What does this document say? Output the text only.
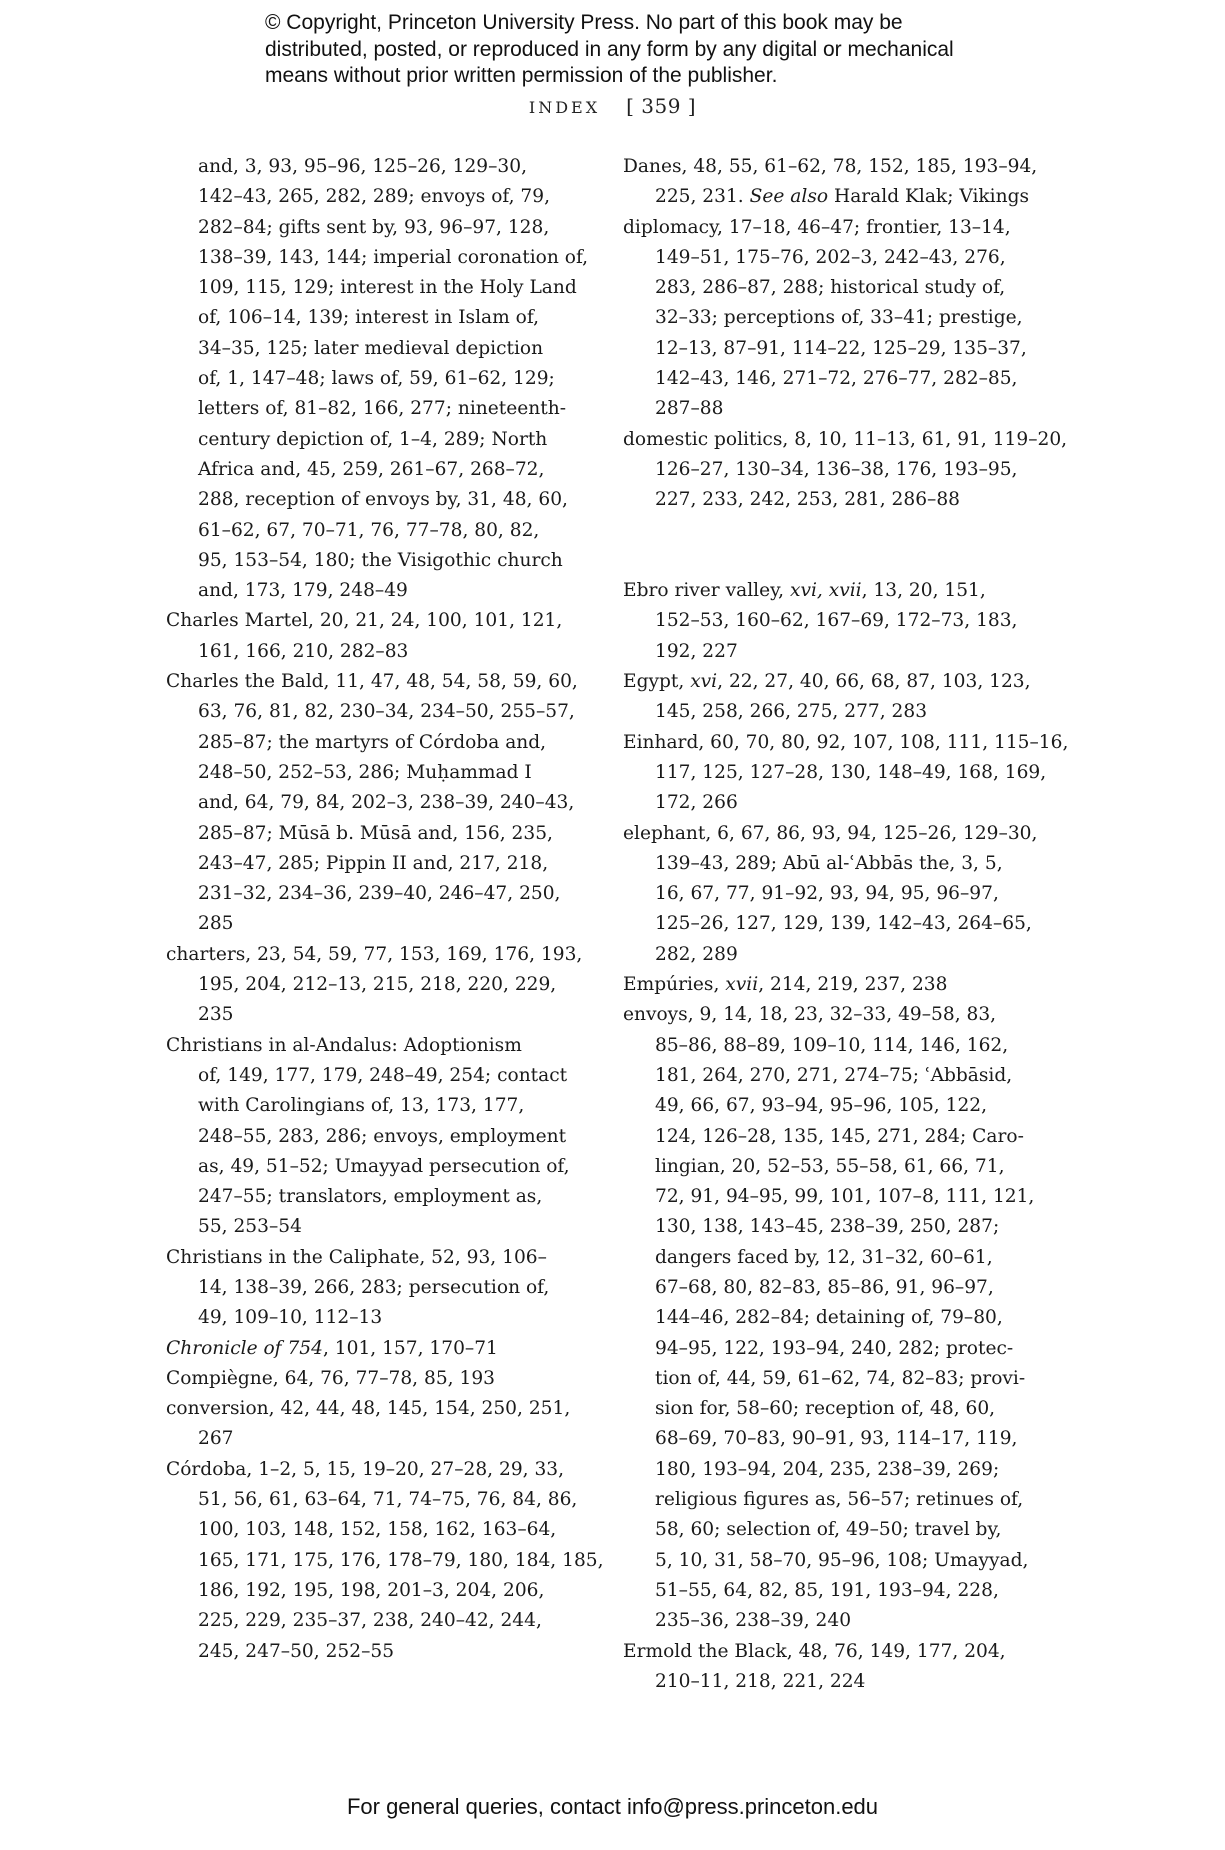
© Copyright, Princeton University Press. No part of this book may be
distributed, posted, or reproduced in any form by any digital or mechanical
means without prior written permission of the publisher.
INDEX [ 359 ]
and, 3, 93, 95–96, 125–26, 129–30,
142–43, 265, 282, 289; envoys of, 79,
282–84; gifts sent by, 93, 96–97, 128,
138–39, 143, 144; imperial coronation of,
109, 115, 129; interest in the Holy Land
of, 106–14, 139; interest in Islam of,
34–35, 125; later medieval depiction
of, 1, 147–48; laws of, 59, 61–62, 129;
letters of, 81–82, 166, 277; nineteenth-
century depiction of, 1–4, 289; North
Africa and, 45, 259, 261–67, 268–72,
288, reception of envoys by, 31, 48, 60,
61–62, 67, 70–71, 76, 77–78, 80, 82,
95, 153–54, 180; the Visigothic church
and, 173, 179, 248–49
Charles Martel, 20, 21, 24, 100, 101, 121,
161, 166, 210, 282–83
Charles the Bald, 11, 47, 48, 54, 58, 59, 60,
63, 76, 81, 82, 230–34, 234–50, 255–57,
285–87; the martyrs of Córdoba and,
248–50, 252–53, 286; Muḥammad I
and, 64, 79, 84, 202–3, 238–39, 240–43,
285–87; Mūsā b. Mūsā and, 156, 235,
243–47, 285; Pippin II and, 217, 218,
231–32, 234–36, 239–40, 246–47, 250,
285
charters, 23, 54, 59, 77, 153, 169, 176, 193,
195, 204, 212–13, 215, 218, 220, 229,
235
Christians in al-Andalus: Adoptionism
of, 149, 177, 179, 248–49, 254; contact
with Carolingians of, 13, 173, 177,
248–55, 283, 286; envoys, employment
as, 49, 51–52; Umayyad persecution of,
247–55; translators, employment as,
55, 253–54
Christians in the Caliphate, 52, 93, 106–
14, 138–39, 266, 283; persecution of,
49, 109–10, 112–13
Chronicle of 754, 101, 157, 170–71
Compiègne, 64, 76, 77–78, 85, 193
conversion, 42, 44, 48, 145, 154, 250, 251,
267
Córdoba, 1–2, 5, 15, 19–20, 27–28, 29, 33,
51, 56, 61, 63–64, 71, 74–75, 76, 84, 86,
100, 103, 148, 152, 158, 162, 163–64,
165, 171, 175, 176, 178–79, 180, 184, 185,
186, 192, 195, 198, 201–3, 204, 206,
225, 229, 235–37, 238, 240–42, 244,
245, 247–50, 252–55
Danes, 48, 55, 61–62, 78, 152, 185, 193–94,
225, 231. See also Harald Klak; Vikings
diplomacy, 17–18, 46–47; frontier, 13–14,
149–51, 175–76, 202–3, 242–43, 276,
283, 286–87, 288; historical study of,
32–33; perceptions of, 33–41; prestige,
12–13, 87–91, 114–22, 125–29, 135–37,
142–43, 146, 271–72, 276–77, 282–85,
287–88
domestic politics, 8, 10, 11–13, 61, 91, 119–20,
126–27, 130–34, 136–38, 176, 193–95,
227, 233, 242, 253, 281, 286–88
Ebro river valley, xvi, xvii, 13, 20, 151,
152–53, 160–62, 167–69, 172–73, 183,
192, 227
Egypt, xvi, 22, 27, 40, 66, 68, 87, 103, 123,
145, 258, 266, 275, 277, 283
Einhard, 60, 70, 80, 92, 107, 108, 111, 115–16,
117, 125, 127–28, 130, 148–49, 168, 169,
172, 266
elephant, 6, 67, 86, 93, 94, 125–26, 129–30,
139–43, 289; Abū al-ʿAbbās the, 3, 5,
16, 67, 77, 91–92, 93, 94, 95, 96–97,
125–26, 127, 129, 139, 142–43, 264–65,
282, 289
Empúries, xvii, 214, 219, 237, 238
envoys, 9, 14, 18, 23, 32–33, 49–58, 83,
85–86, 88–89, 109–10, 114, 146, 162,
181, 264, 270, 271, 274–75; ʿAbbāsid,
49, 66, 67, 93–94, 95–96, 105, 122,
124, 126–28, 135, 145, 271, 284; Caro-
lingian, 20, 52–53, 55–58, 61, 66, 71,
72, 91, 94–95, 99, 101, 107–8, 111, 121,
130, 138, 143–45, 238–39, 250, 287;
dangers faced by, 12, 31–32, 60–61,
67–68, 80, 82–83, 85–86, 91, 96–97,
144–46, 282–84; detaining of, 79–80,
94–95, 122, 193–94, 240, 282; protec-
tion of, 44, 59, 61–62, 74, 82–83; provi-
sion for, 58–60; reception of, 48, 60,
68–69, 70–83, 90–91, 93, 114–17, 119,
180, 193–94, 204, 235, 238–39, 269;
religious figures as, 56–57; retinues of,
58, 60; selection of, 49–50; travel by,
5, 10, 31, 58–70, 95–96, 108; Umayyad,
51–55, 64, 82, 85, 191, 193–94, 228,
235–36, 238–39, 240
Ermold the Black, 48, 76, 149, 177, 204,
210–11, 218, 221, 224
For general queries, contact info@press.princeton.edu
